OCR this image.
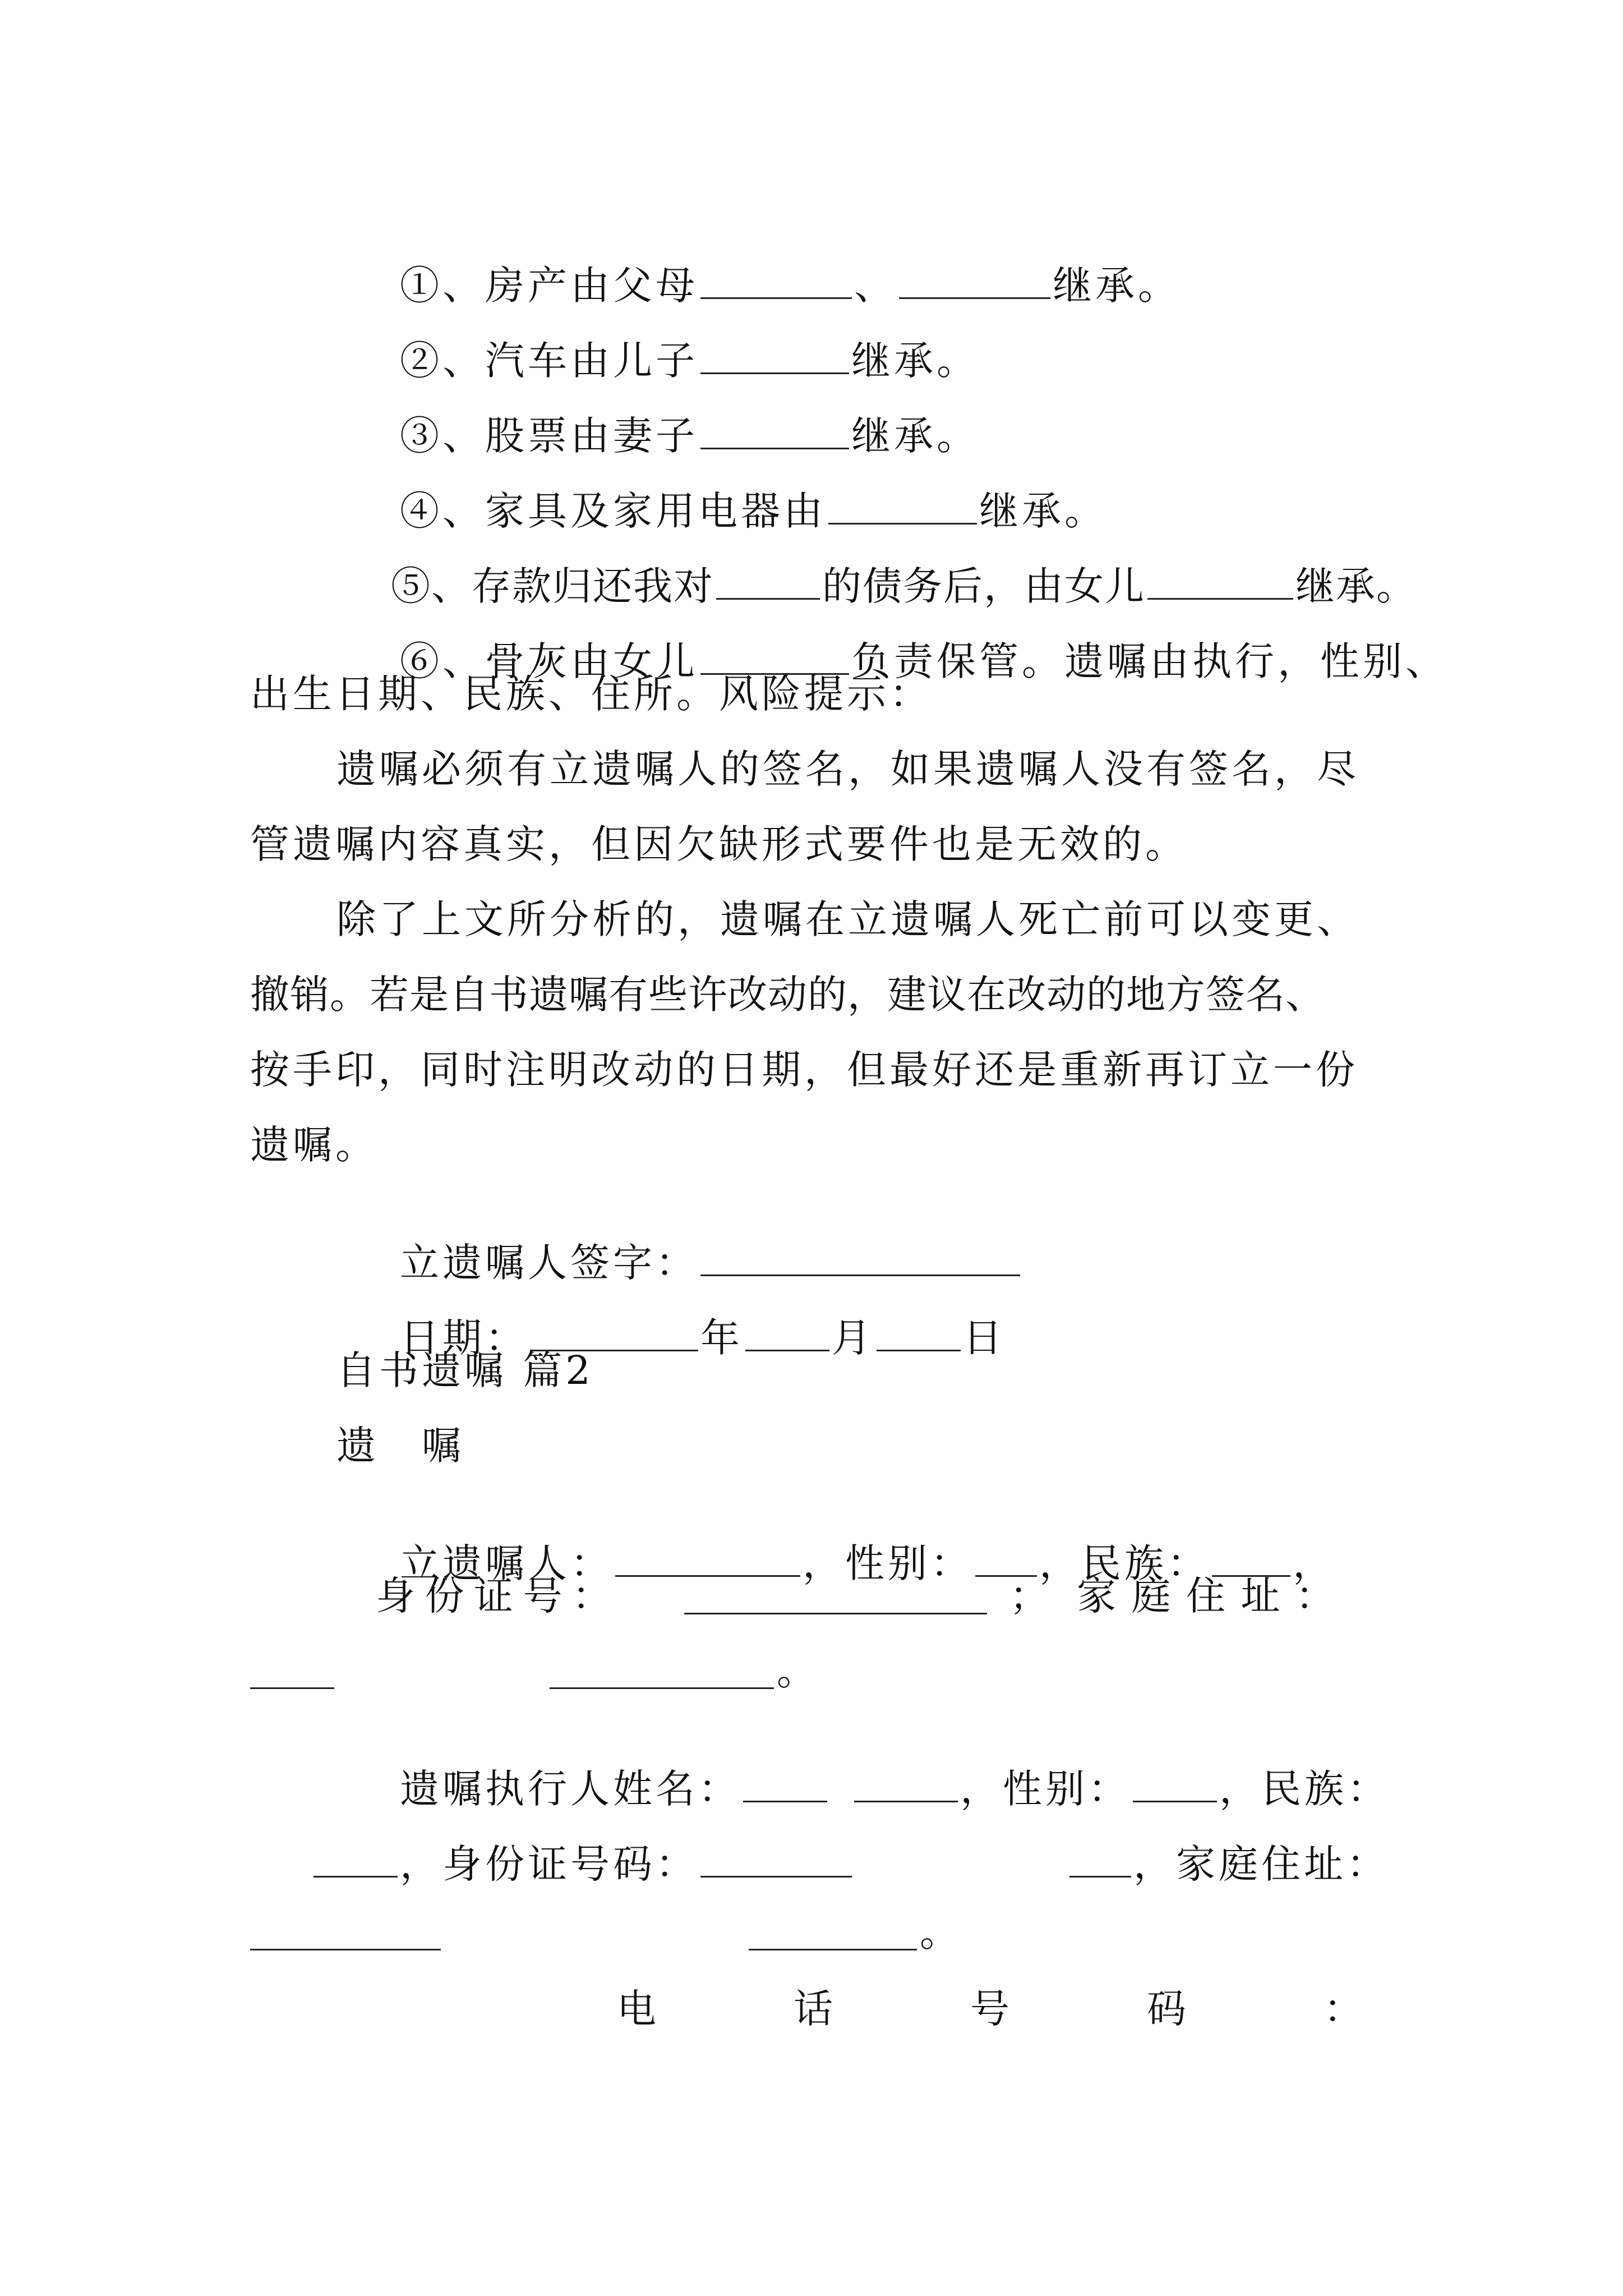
①、房产由父母	、	继承。

②、汽车由儿子	继承。

③、股票由妻子	继承。

④、家具及家用电器由	继承。

⑤、存款归还我对	的债务后，由女儿	继承。

⑥、骨灰由女儿	负责保管。遗嘱由执行，性别、

出生日期、民族、住所。风险提示：
遗嘱必须有立遗嘱人的签名，如果遗嘱人没有签名，尽
管遗嘱内容真实，但因欠缺形式要件也是无效的。
除了上文所分析的，遗嘱在立遗嘱人死亡前可以变更、
撤销。若是自书遗嘱有些许改动的，建议在改动的地方签名、
按手印，同时注明改动的日期，但最好还是重新再订立一份
遗嘱。

立遗嘱人签字：

日期：	年 月 日

自书遗嘱 篇2
遗　嘱

立遗嘱人：	，性别： ，民族： ，

身 份 证 号 ：	； 家 庭 住 址 ：
。

遗嘱执行人姓名：	，性别： ，民族：

，身份证号码：	，家庭住址：

。
电	话	号	码	：
